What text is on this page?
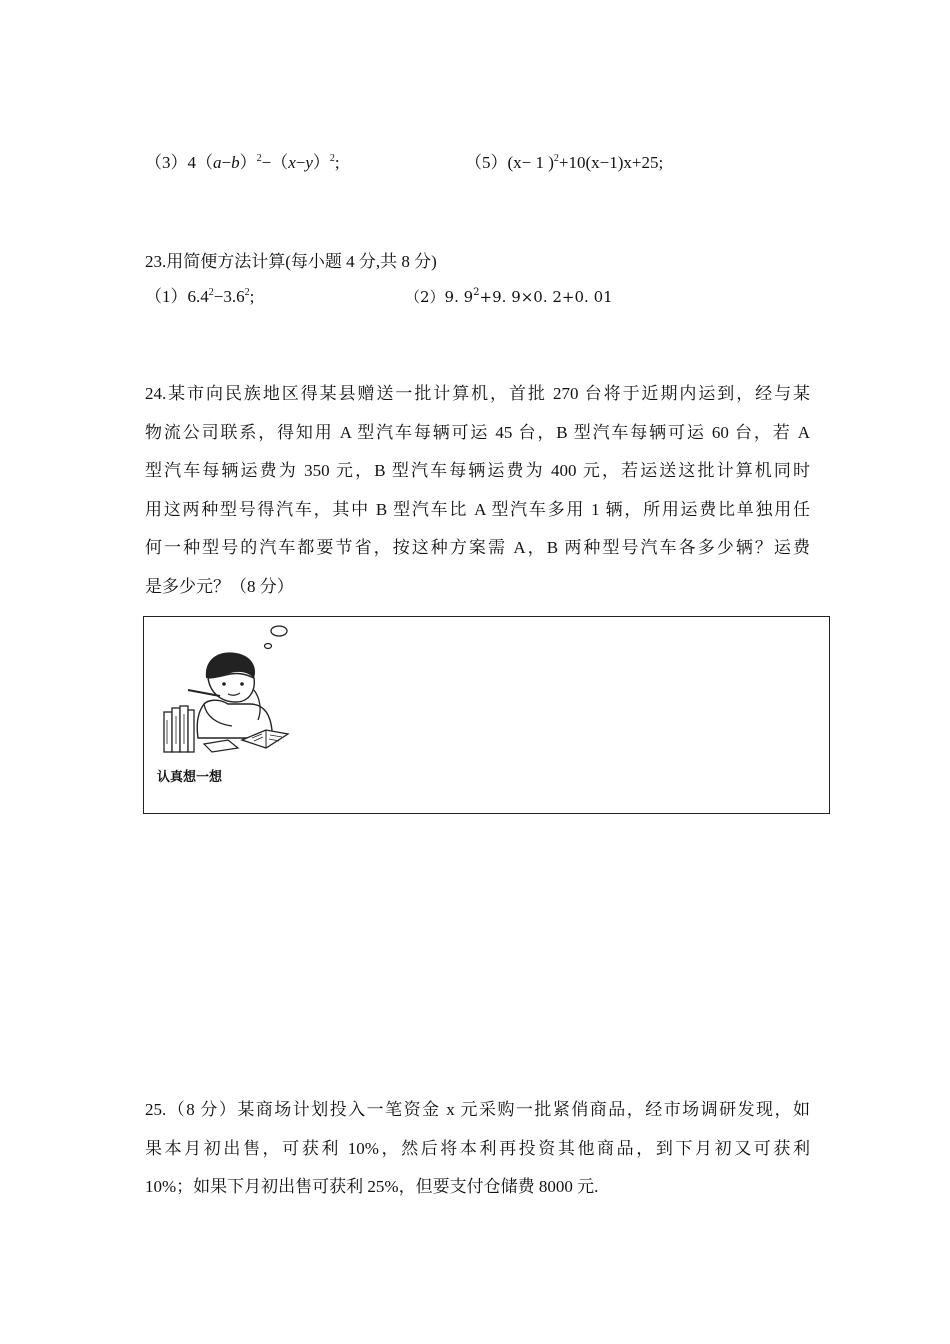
$(3)4(a-b)^2-(x-y)^2$;	（5）(x− 1 )$^2$+10(x−1)x+25;
23.用简便方法计算(每小题 4 分,共 8 分)
$(1)6.4^2-3.6^2$;	（2）9. $9^2+9$. 9×0. 2+0. 01
24.某市向民族地区得某县赠送一批计算机，首批 270 台将于近期内运到，经与某
物流公司联系，得知用 A 型汽车每辆可运 45 台，B 型汽车每辆可运 60 台，若 A
型汽车每辆运费为 350 元，B 型汽车每辆运费为 400 元，若运送这批计算机同时
用这两种型号得汽车，其中 B 型汽车比 A 型汽车多用 1 辆，所用运费比单独用任
何一种型号的汽车都要节省，按这种方案需 A，B 两种型号汽车各多少辆？运费
是多少元？（8 分）
认真想一想
25.（8 分）某商场计划投入一笔资金 x 元采购一批紧俏商品，经市场调研发现，如
果本月初出售，可获利 10%，然后将本利再投资其他商品，到下月初又可获利
10%；如果下月初出售可获利 25%，但要支付仓储费 8000 元.
